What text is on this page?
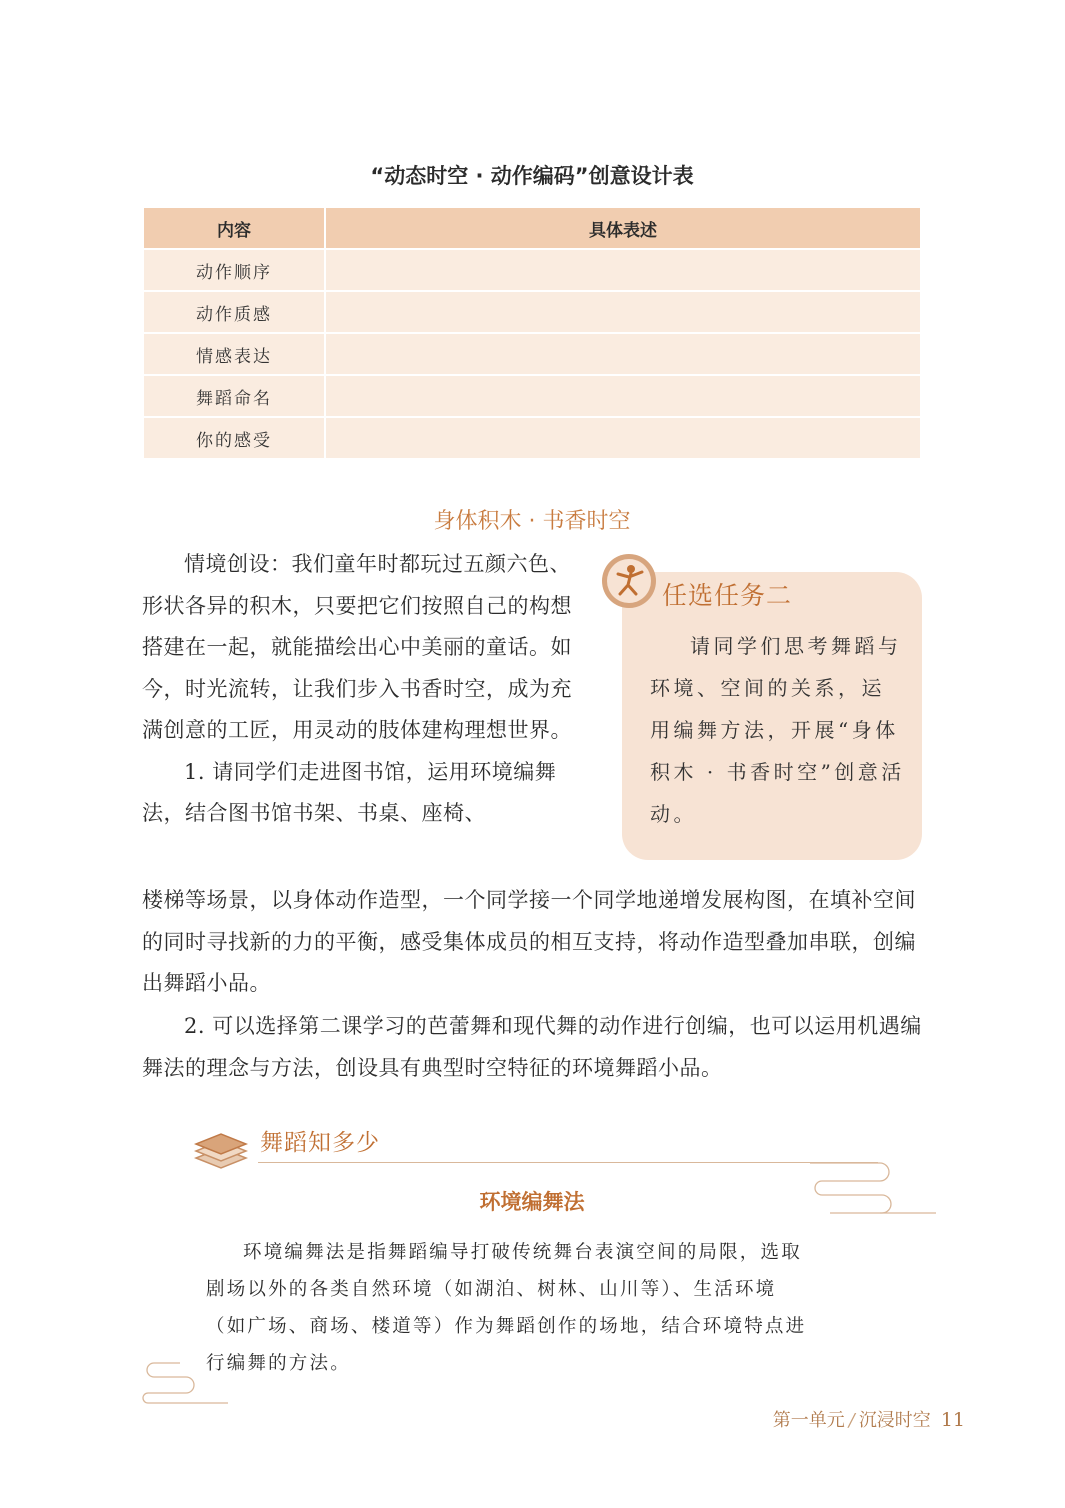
“动态时空 · 动作编码”创意设计表
内容	具体表述
动作顺序	
动作质感	
情感表达	
舞蹈命名	
你的感受	
身体积木 · 书香时空
任选任务二
请同学们思考舞蹈与环境、空间的关系，运用编舞方法，开展“身体积木 · 书香时空”创意活动。
情境创设：我们童年时都玩过五颜六色、形状各异的积木，只要把它们按照自己的构想搭建在一起，就能描绘出心中美丽的童话。如今，时光流转，让我们步入书香时空，成为充满创意的工匠，用灵动的肢体建构理想世界。
1. 请同学们走进图书馆，运用环境编舞法，结合图书馆书架、书桌、座椅、
楼梯等场景，以身体动作造型，一个同学接一个同学地递增发展构图，在填补空间的同时寻找新的力的平衡，感受集体成员的相互支持，将动作造型叠加串联，创编出舞蹈小品。
2. 可以选择第二课学习的芭蕾舞和现代舞的动作进行创编，也可以运用机遇编舞法的理念与方法，创设具有典型时空特征的环境舞蹈小品。
舞蹈知多少
环境编舞法
环境编舞法是指舞蹈编导打破传统舞台表演空间的局限，选取剧场以外的各类自然环境（如湖泊、树林、山川等）、生活环境（如广场、商场、楼道等）作为舞蹈创作的场地，结合环境特点进行编舞的方法。
第一单元 / 沉浸时空 11
